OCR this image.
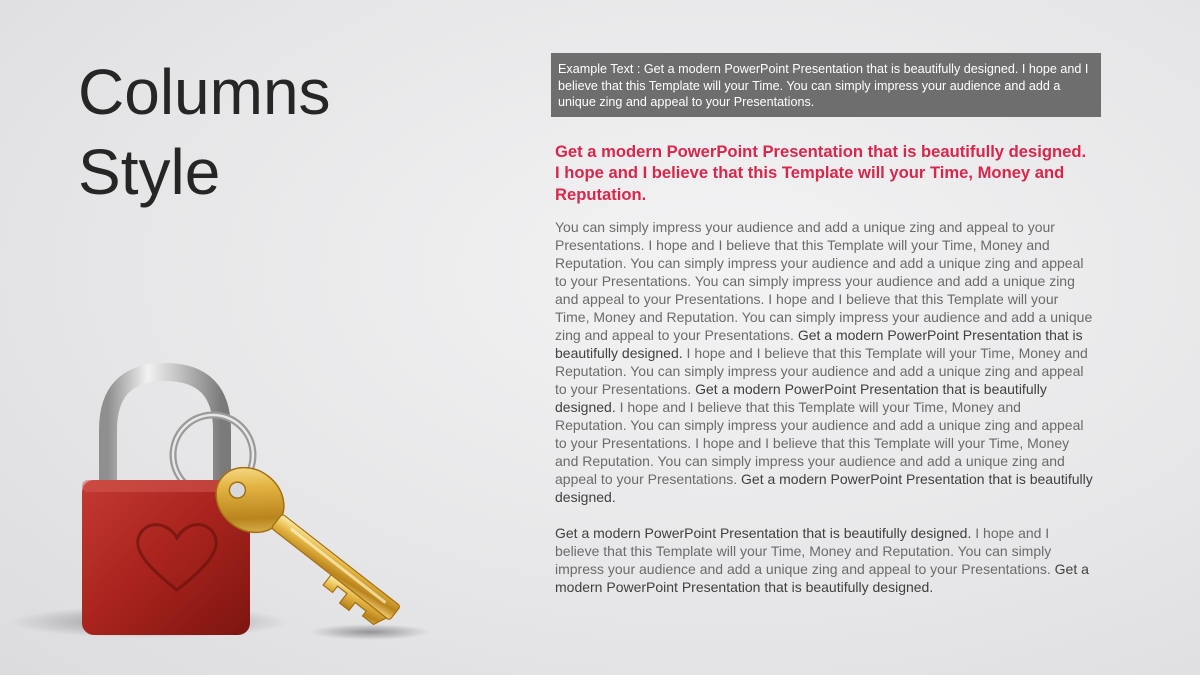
Columns
Style
Example Text : Get a modern PowerPoint Presentation that is beautifully designed. I hope and I believe that this Template will your Time. You can simply impress your audience and add a unique zing and appeal to your Presentations.
Get a modern PowerPoint Presentation that is beautifully designed. I hope and I believe that this Template will your Time, Money and Reputation.

You can simply impress your audience and add a unique zing and appeal to your Presentations. I hope and I believe that this Template will your Time, Money and Reputation. You can simply impress your audience and add a unique zing and appeal to your Presentations. You can simply impress your audience and add a unique zing and appeal to your Presentations. I hope and I believe that this Template will your Time, Money and Reputation. You can simply impress your audience and add a unique zing and appeal to your Presentations. Get a modern PowerPoint Presentation that is beautifully designed. I hope and I believe that this Template will your Time, Money and Reputation. You can simply impress your audience and add a unique zing and appeal to your Presentations. Get a modern PowerPoint Presentation that is beautifully designed. I hope and I believe that this Template will your Time, Money and Reputation. You can simply impress your audience and add a unique zing and appeal to your Presentations. I hope and I believe that this Template will your Time, Money and Reputation. You can simply impress your audience and add a unique zing and appeal to your Presentations. Get a modern PowerPoint Presentation that is beautifully designed.

Get a modern PowerPoint Presentation that is beautifully designed. I hope and I believe that this Template will your Time, Money and Reputation. You can simply impress your audience and add a unique zing and appeal to your Presentations. Get a modern PowerPoint Presentation that is beautifully designed.
